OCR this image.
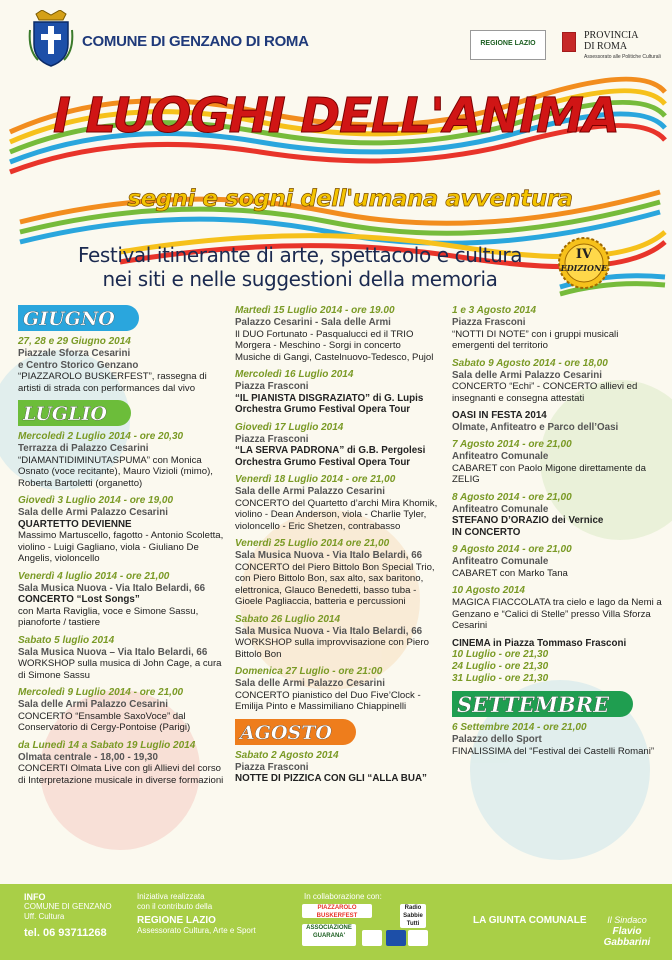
COMUNE DI GENZANO DI ROMA	REGIONE LAZIO
PROVINCIA
DI ROMA
Assessorato alle Politiche Culturali
I LUOGHI DELL'ANIMA
segni e sogni dell'umana avventura
Festival itinerante di arte, spettacolo e cultura
nei siti e nelle suggestioni della memoria
IV
EDIZIONE
GIUGNO
27, 28 e 29 Giugno 2014
Piazzale Sforza Cesarini
e Centro Storico Genzano
“PIAZZAROLO BUSKERFEST”, rassegna di artisti di strada con performances dal vivo
LUGLIO
Mercoledì 2 Luglio 2014 - ore 20,30
Terrazza di Palazzo Cesarini
“DIAMANTIDIMINUTASPUMA” con Monica Osnato (voce recitante), Mauro Vizioli (mimo), Roberta Bartoletti (organetto)
Giovedì 3 Luglio 2014 - ore 19,00
Sala delle Armi Palazzo Cesarini
QUARTETTO DEVIENNE
Massimo Martuscello, fagotto - Antonio Scoletta, violino - Luigi Gagliano, viola - Giuliano De Angelis, violoncello
Venerdì 4 luglio 2014 - ore 21,00
Sala Musica Nuova - Via Italo Belardi, 66
CONCERTO “Lost Songs”
con Marta Raviglia, voce e Simone Sassu, pianoforte / tastiere
Sabato 5 luglio 2014
Sala Musica Nuova – Via Italo Belardi, 66
WORKSHOP sulla musica di John Cage, a cura di Simone Sassu
Mercoledì 9 Luglio 2014 - ore 21,00
Sala delle Armi Palazzo Cesarini
CONCERTO “Ensamble SaxoVoce” dal Conservatorio di Cergy-Pontoise (Parigi)
da Lunedì 14 a Sabato 19 Luglio 2014
Olmata centrale - 18,00 - 19,30
CONCERTI Olmata Live con gli Allievi del corso di Interpretazione musicale in diverse formazioni
Martedì 15 Luglio 2014 - ore 19.00
Palazzo Cesarini - Sala delle Armi
Il DUO Fortunato - Pasqualucci ed il TRIO Morgera - Meschino - Sorgi in concerto
Musiche di Gangi, Castelnuovo-Tedesco, Pujol
Mercoledì 16 Luglio 2014
Piazza Frasconi
“IL PIANISTA DISGRAZIATO” di G. Lupis
Orchestra Grumo Festival Opera Tour
Giovedì 17 Luglio 2014
Piazza Frasconi
“LA SERVA PADRONA” di G.B. Pergolesi
Orchestra Grumo Festival Opera Tour
Venerdì 18 Luglio 2014 - ore 21,00
Sala delle Armi Palazzo Cesarini
CONCERTO del Quartetto d’archi Mira Khomik, violino - Dean Anderson, viola - Charlie Tyler, violoncello - Eric Shetzen, contrabasso
Venerdì 25 Luglio 2014 ore 21,00
Sala Musica Nuova - Via Italo Belardi, 66
CONCERTO del Piero Bittolo Bon Special Trio, con Piero Bittolo Bon, sax alto, sax baritono, elettronica, Glauco Benedetti, basso tuba - Gioele Pagliaccia, batteria e percussioni
Sabato 26 Luglio 2014
Sala Musica Nuova - Via Italo Belardi, 66
WORKSHOP sulla improvvisazione con Piero Bittolo Bon
Domenica 27 Luglio - ore 21:00
Sala delle Armi Palazzo Cesarini
CONCERTO pianistico del Duo Five’Clock - Emilija Pinto e Massimiliano Chiappinelli
AGOSTO
Sabato 2 Agosto 2014
Piazza Frasconi
NOTTE DI PIZZICA CON GLI “ALLA BUA”
1 e 3 Agosto 2014
Piazza Frasconi
“NOTTI DI NOTE” con i gruppi musicali emergenti del territorio
Sabato 9 Agosto 2014 - ore 18,00
Sala delle Armi Palazzo Cesarini
CONCERTO “Echi” - CONCERTO allievi ed insegnanti e consegna attestati
OASI IN FESTA 2014
Olmate, Anfiteatro e Parco dell’Oasi
7 Agosto 2014 - ore 21,00
Anfiteatro Comunale
CABARET con Paolo Migone direttamente da ZELIG
8 Agosto 2014 - ore 21,00
Anfiteatro Comunale
STEFANO D’ORAZIO dei Vernice
IN CONCERTO
9 Agosto 2014 - ore 21,00
Anfiteatro Comunale
CABARET con Marko Tana
10 Agosto 2014
MAGICA FIACCOLATA tra cielo e lago da Nemi a Genzano e “Calici di Stelle” presso Villa Sforza Cesarini
CINEMA in Piazza Tommaso Frasconi
10 Luglio - ore 21,30
24 Luglio - ore 21,30
31 Luglio - ore 21,30
SETTEMBRE
6 Settembre 2014 - ore 21,00
Palazzo dello Sport
FINALISSIMA del “Festival dei Castelli Romani”
INFO
COMUNE DI GENZANO
Uff. Cultura
tel. 06 93711268
Iniziativa realizzata
con il contributo della
REGIONE LAZIO
Assessorato Cultura, Arte e Sport
In collaborazione con:
PIAZZAROLO BUSKERFEST
Radio Sabbie Tutti
ASSOCIAZIONE GUARANA'
LA GIUNTA COMUNALE	Il Sindaco
Flavio Gabbarini
